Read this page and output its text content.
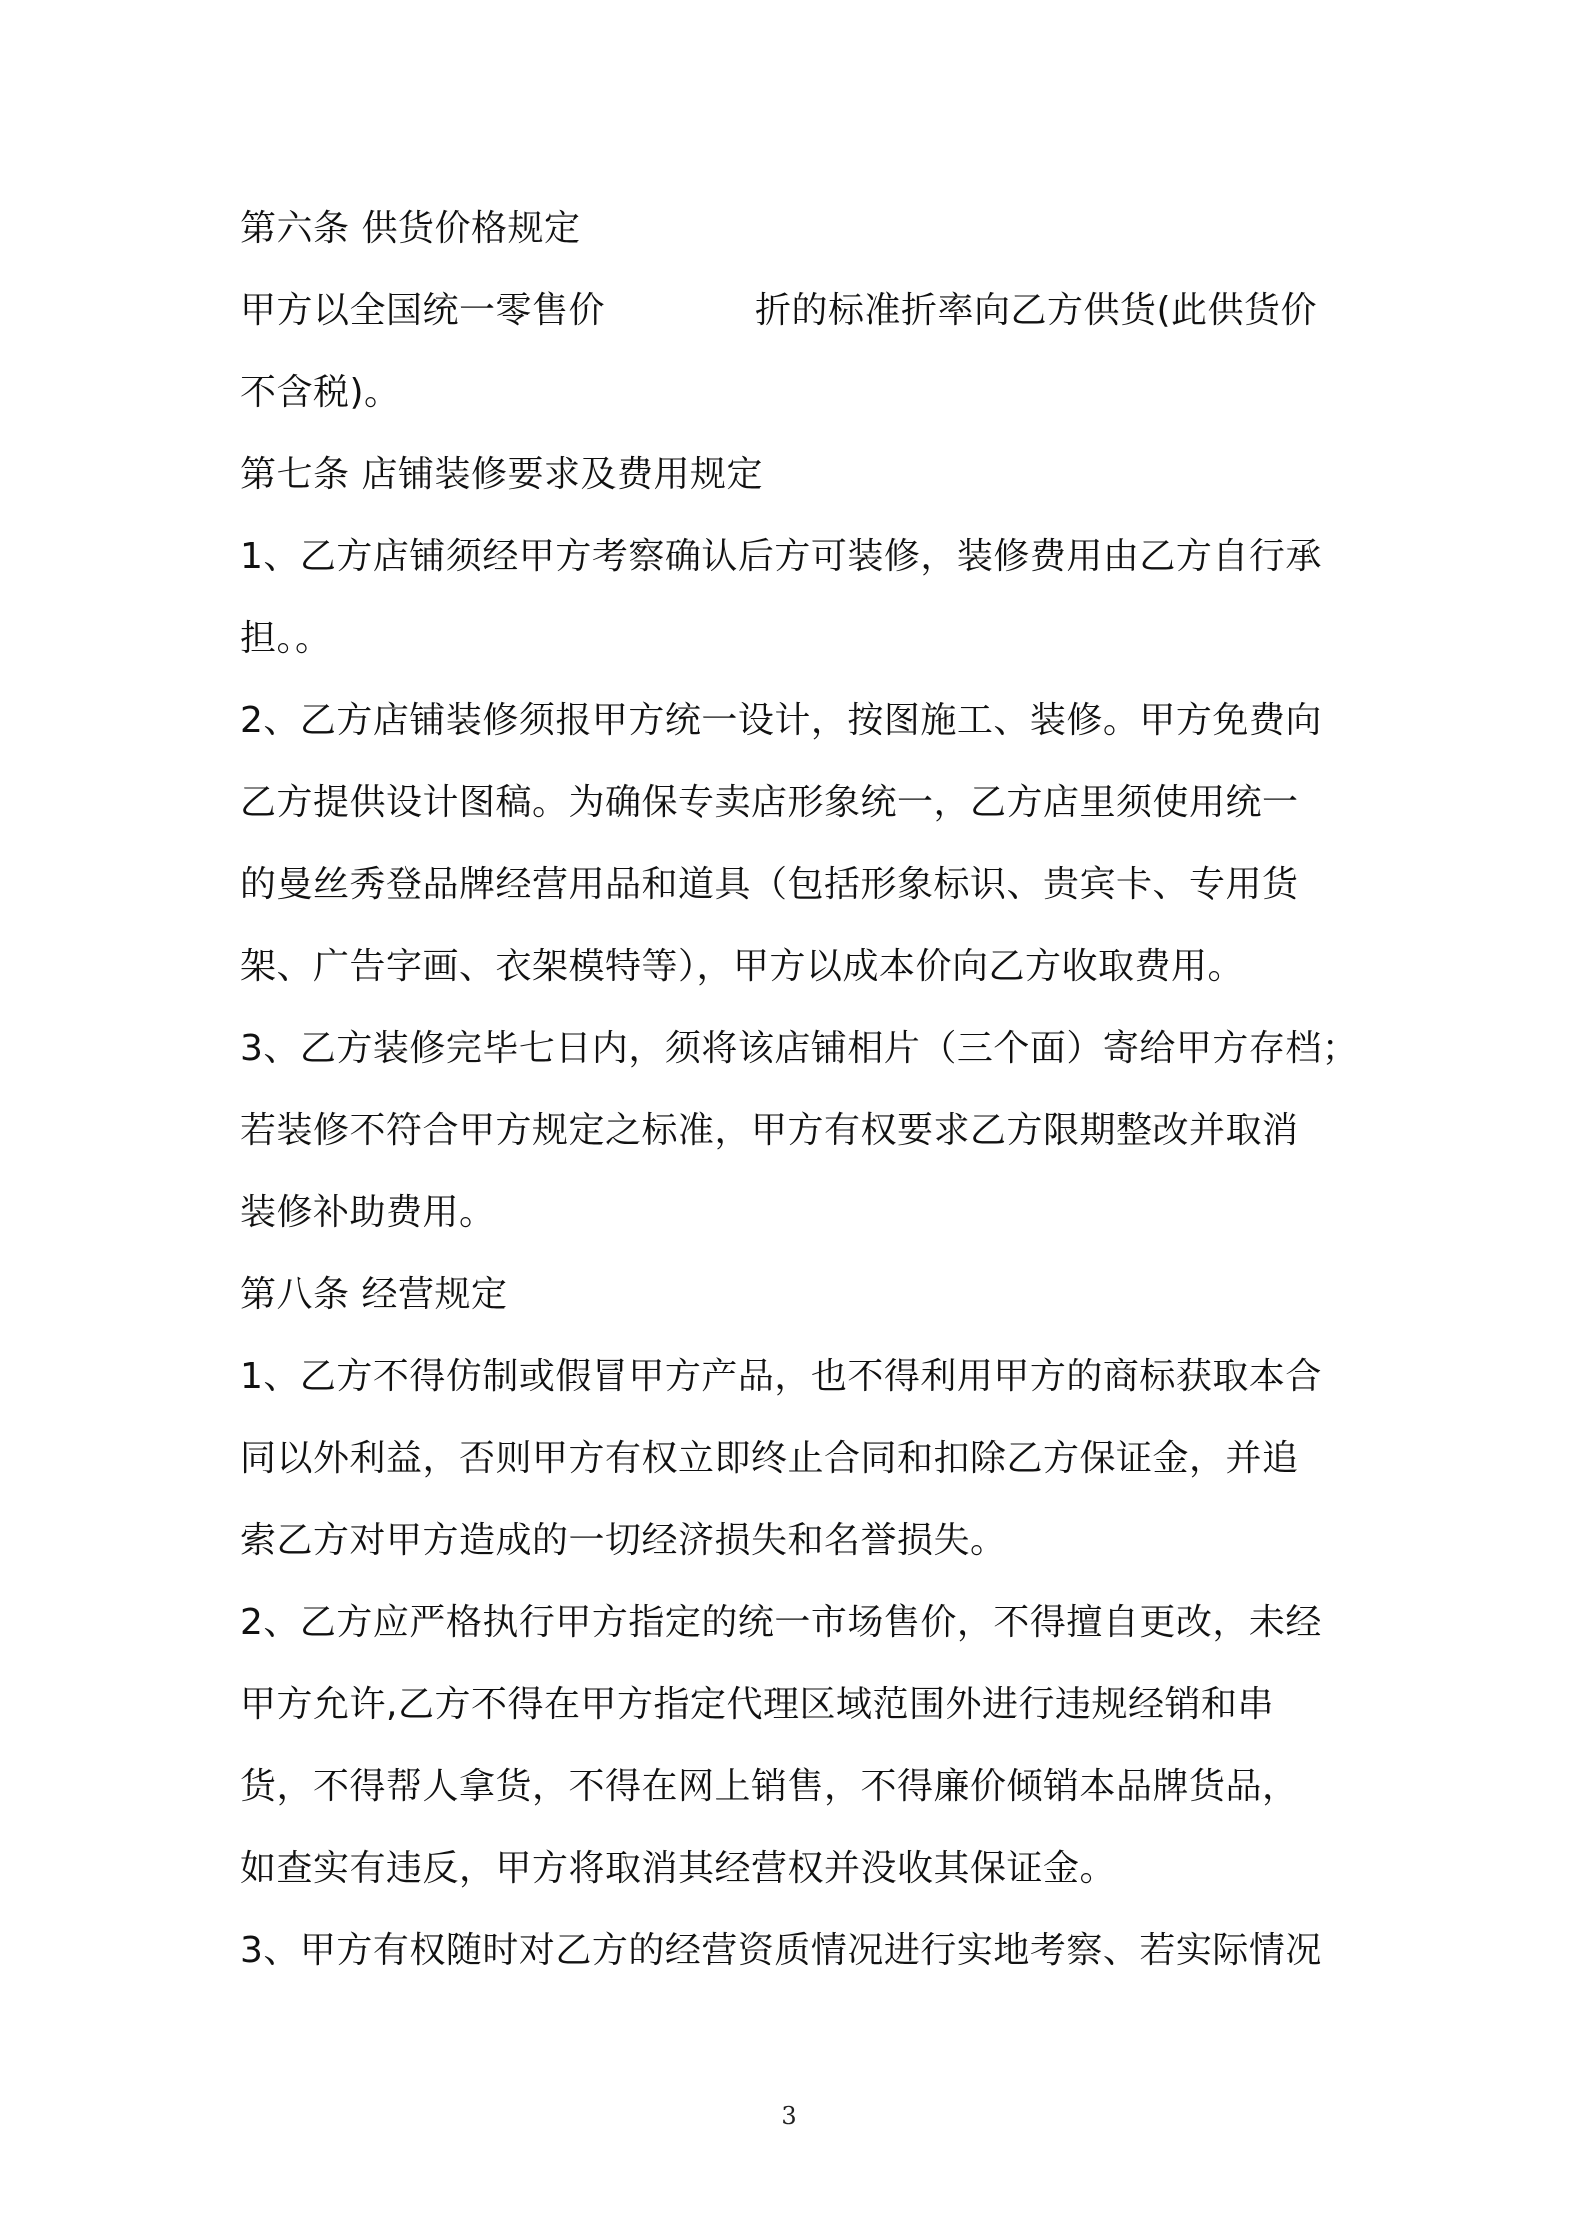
第六条 供货价格规定
甲方以全国统一零售价	折的标准折率向乙方供货(此供货价
不含税)。
第七条 店铺装修要求及费用规定
1、乙方店铺须经甲方考察确认后方可装修，装修费用由乙方自行承
担。。
2、乙方店铺装修须报甲方统一设计，按图施工、装修。甲方免费向
乙方提供设计图稿。为确保专卖店形象统一，乙方店里须使用统一
的曼丝秀登品牌经营用品和道具（包括形象标识、贵宾卡、专用货
架、广告字画、衣架模特等），甲方以成本价向乙方收取费用。
3、乙方装修完毕七日内，须将该店铺相片（三个面）寄给甲方存档；
若装修不符合甲方规定之标准，甲方有权要求乙方限期整改并取消
装修补助费用。
第八条 经营规定
1、乙方不得仿制或假冒甲方产品，也不得利用甲方的商标获取本合
同以外利益，否则甲方有权立即终止合同和扣除乙方保证金，并追
索乙方对甲方造成的一切经济损失和名誉损失。
2、乙方应严格执行甲方指定的统一市场售价，不得擅自更改，未经
甲方允许,乙方不得在甲方指定代理区域范围外进行违规经销和串
货，不得帮人拿货，不得在网上销售，不得廉价倾销本品牌货品，
如查实有违反，甲方将取消其经营权并没收其保证金。
3、甲方有权随时对乙方的经营资质情况进行实地考察、若实际情况
3
